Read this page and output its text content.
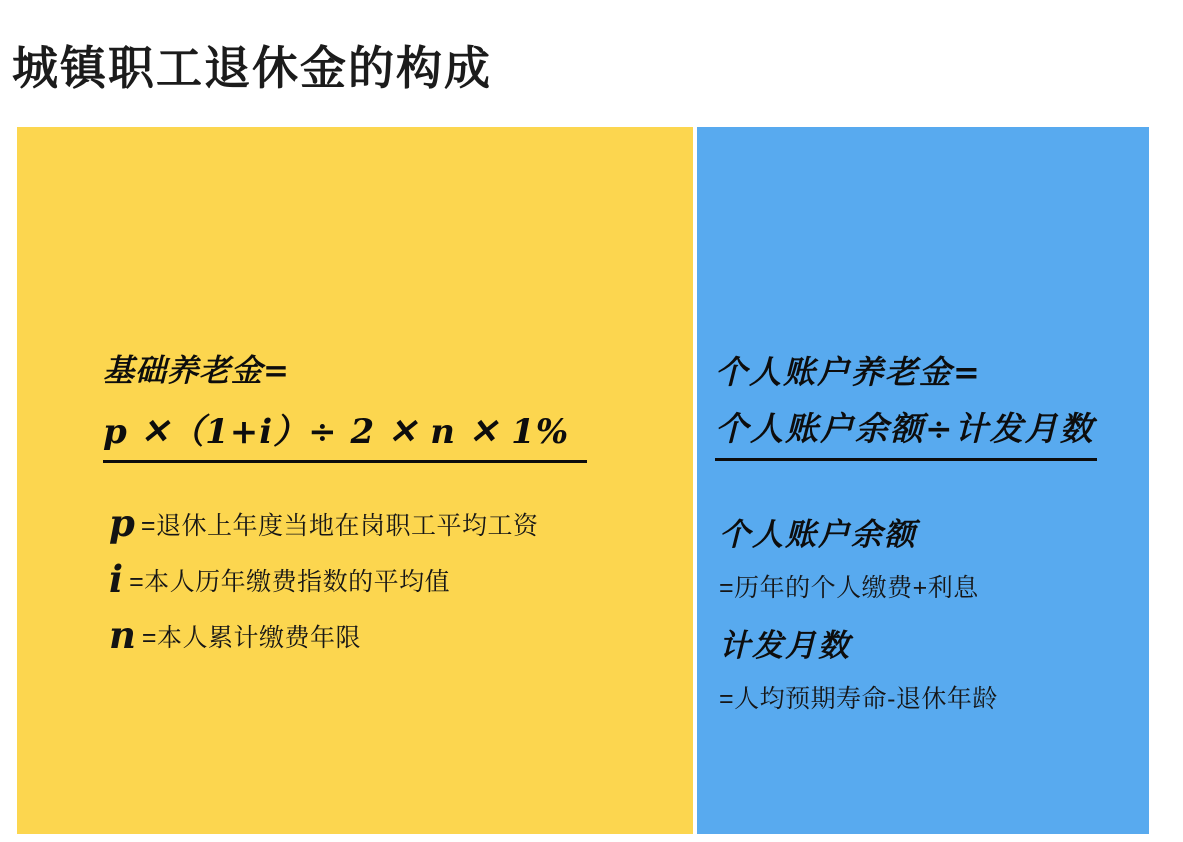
城镇职工退休金的构成
基础养老金=
p ✕（1+i）÷ 2 ✕ n ✕ 1%
p =退休上年度当地在岗职工平均工资
i =本人历年缴费指数的平均值
n =本人累计缴费年限
个人账户养老金=
个人账户余额÷计发月数
个人账户余额
=历年的个人缴费+利息
计发月数
=人均预期寿命-退休年龄
